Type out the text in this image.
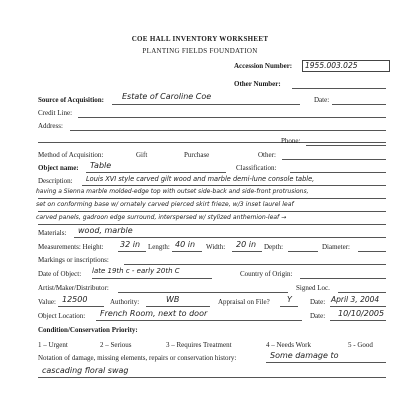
COE HALL INVENTORY WORKSHEET
PLANTING FIELDS FOUNDATION
Accession Number:	1955.003.025
Other Number:
Source of Acquisition: Estate of Caroline Coe	Date:
Credit Line:
Address:
Phone:
Method of Acquisition:	Gift	Purchase	Other:
Object name: Table	Classification:
Description: Louis XVI style carved gilt wood and marble demi-lune console table,
having a Sienna marble molded-edge top with outset side-back and side-front protrusions,
set on conforming base w/ ornately carved pierced skirt frieze, w/3 inset laurel leaf
carved panels, gadroon edge surround, interspersed w/ stylized anthemion-leaf →
Materials: wood, marble
Measurements: Height: 32 in Length: 40 in Width: 20 in Depth:	Diameter:
Markings or inscriptions:
Date of Object: late 19th c - early 20th C	Country of Origin:
Artist/Maker/Distributor:	Signed Loc.
Value: 12500	Authority:	WB	Appraisal on File? Y	Date: April 3, 2004
Object Location: French Room, next to door	Date: 10/10/2005
Condition/Conservation Priority:
1 – Urgent	2 – Serious	3 – Requires Treatment	4 – Needs Work	5 - Good
Notation of damage, missing elements, repairs or conservation history:	Some damage to
cascading floral swag
